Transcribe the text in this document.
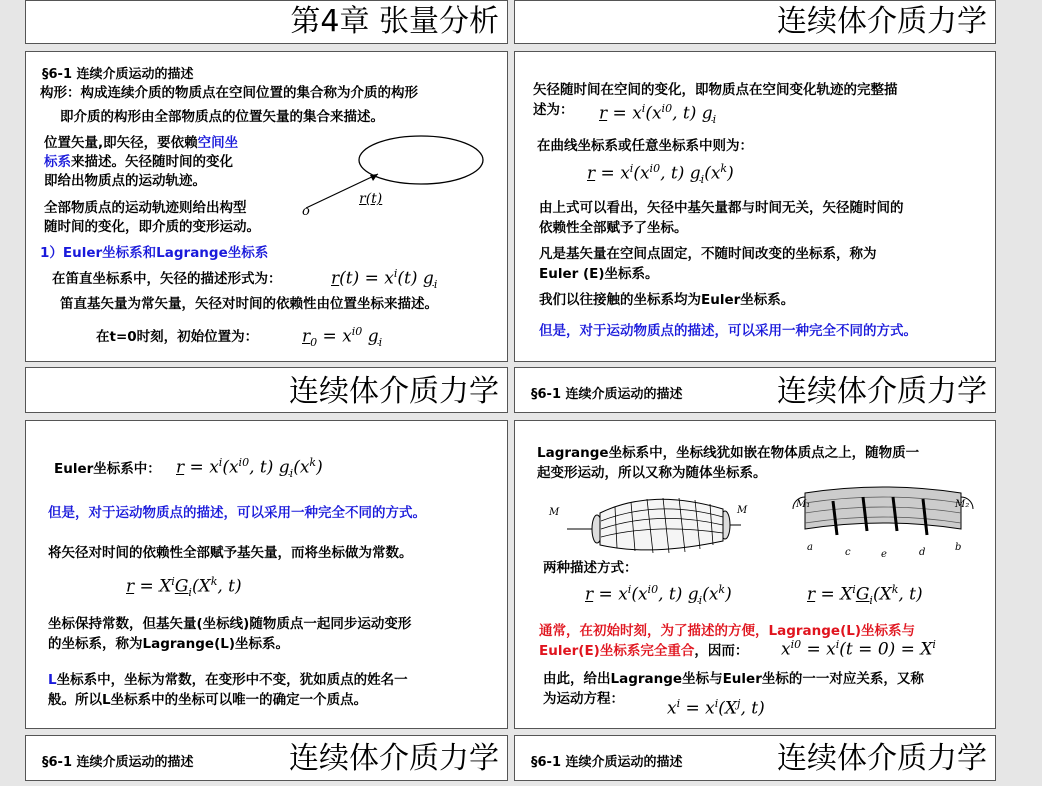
第4章 张量分析	连续体介质力学
§6-1 连续介质运动的描述
构形：构成连续介质的物质点在空间位置的集合称为介质的构形
即介质的构形由全部物质点的位置矢量的集合来描述。
位置矢量,即矢径，要依赖空间坐
标系来描述。矢径随时间的变化
即给出物质点的运动轨迹。
全部物质点的运动轨迹则给出构型
随时间的变化，即介质的变形运动。
o
r(t)
1）Euler坐标系和Lagrange坐标系
在笛直坐标系中，矢径的描述形式为：	$r(t) = x^i(t)$ $g_i$
笛直基矢量为常矢量，矢径对时间的依赖性由位置坐标来描述。
在t=0时刻，初始位置为：	$r_0 = x^{i0}$ $g_i$
矢径随时间在空间的变化，即物质点在空间变化轨迹的完整描
述为： $r = x^i(x^{i0}$, t) $g_i$
在曲线坐标系或任意坐标系中则为：
$r = x^i(x^{i0}$, t) $g_i(x^k)$
由上式可以看出，矢径中基矢量都与时间无关，矢径随时间的
依赖性全部赋予了坐标。
凡是基矢量在空间点固定，不随时间改变的坐标系，称为
Euler (E)坐标系。
我们以往接触的坐标系均为Euler坐标系。
但是，对于运动物质点的描述，可以采用一种完全不同的方式。
连续体介质力学 §6-1 连续介质运动的描述	连续体介质力学
Euler坐标系中： $r = x^i(x^{i0}$, t) $g_i(x^k)$
但是，对于运动物质点的描述，可以采用一种完全不同的方式。
将矢径对时间的依赖性全部赋予基矢量，而将坐标做为常数。
$r = X^iG_i(X^k$, t)
坐标保持常数，但基矢量(坐标线)随物质点一起同步运动变形
的坐标系，称为Lagrange(L)坐标系。
L坐标系中，坐标为常数，在变形中不变，犹如质点的姓名一
般。所以L坐标系中的坐标可以唯一的确定一个质点。
Lagrange坐标系中，坐标线犹如嵌在物体质点之上，随物质一
起变形运动，所以又称为随体坐标系。
M	M
M₁	M₂
a	c	e	d	b
两种描述方式：
$r = x^i(x^{i0}$, t) $g_i(x^k)$	$r = X^iG_i(X^k$, t)
通常，在初始时刻，为了描述的方便，Lagrange(L)坐标系与
Euler(E)坐标系完全重合，因而： $x^{i0} = x^i(t = 0) = X^i$
由此，给出Lagrange坐标与Euler坐标的一一对应关系，又称
为运动方程：	$x^i = x^i(X^j$, t)
§6-1 连续介质运动的描述	连续体介质力学 §6-1 连续介质运动的描述	连续体介质力学
